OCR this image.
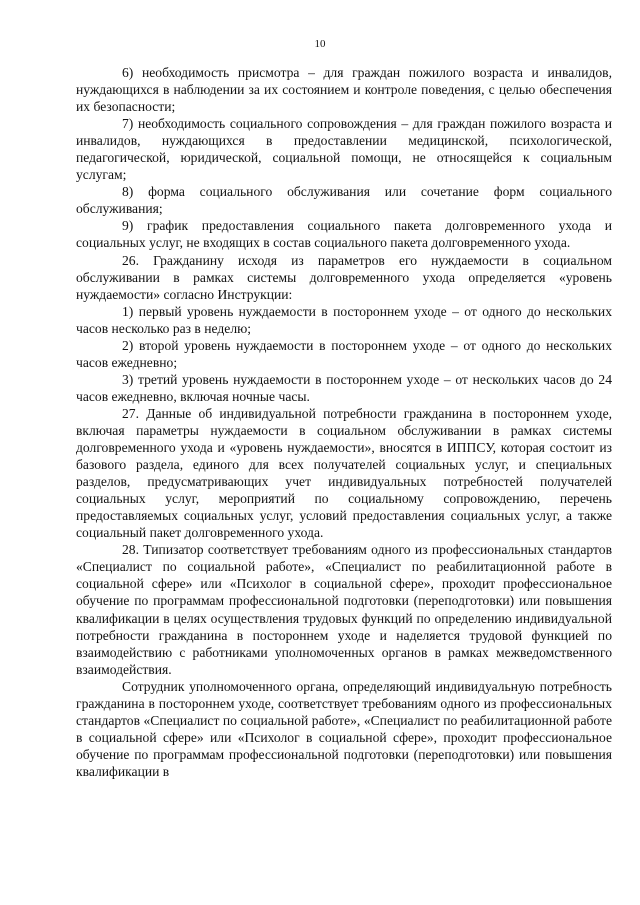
10

6) необходимость присмотра – для граждан пожилого возраста и инвалидов, нуждающихся в наблюдении за их состоянием и контроле поведения, с целью обеспечения их безопасности;

7) необходимость социального сопровождения – для граждан пожилого возраста и инвалидов, нуждающихся в предоставлении медицинской, психологической, педагогической, юридической, социальной помощи, не относящейся к социальным услугам;

8) форма социального обслуживания или сочетание форм социального обслуживания;

9) график предоставления социального пакета долговременного ухода и социальных услуг, не входящих в состав социального пакета долговременного ухода.

26. Гражданину исходя из параметров его нуждаемости в социальном обслуживании в рамках системы долговременного ухода определяется «уровень нуждаемости» согласно Инструкции:

1) первый уровень нуждаемости в постороннем уходе – от одного до нескольких часов несколько раз в неделю;

2) второй уровень нуждаемости в постороннем уходе – от одного до нескольких часов ежедневно;

3) третий уровень нуждаемости в постороннем уходе – от нескольких часов до 24 часов ежедневно, включая ночные часы.

27. Данные об индивидуальной потребности гражданина в постороннем уходе, включая параметры нуждаемости в социальном обслуживании в рамках системы долговременного ухода и «уровень нуждаемости», вносятся в ИППСУ, которая состоит из базового раздела, единого для всех получателей социальных услуг, и специальных разделов, предусматривающих учет индивидуальных потребностей получателей социальных услуг, мероприятий по социальному сопровождению, перечень предоставляемых социальных услуг, условий предоставления социальных услуг, а также социальный пакет долговременного ухода.

28. Типизатор соответствует требованиям одного из профессиональных стандартов «Специалист по социальной работе», «Специалист по реабилитационной работе в социальной сфере» или «Психолог в социальной сфере», проходит профессиональное обучение по программам профессиональной подготовки (переподготовки) или повышения квалификации в целях осуществления трудовых функций по определению индивидуальной потребности гражданина в постороннем уходе и наделяется трудовой функцией по взаимодействию с работниками уполномоченных органов в рамках межведомственного взаимодействия.

Сотрудник уполномоченного органа, определяющий индивидуальную потребность гражданина в постороннем уходе, соответствует требованиям одного из профессиональных стандартов «Специалист по социальной работе», «Специалист по реабилитационной работе в социальной сфере» или «Психолог в социальной сфере», проходит профессиональное обучение по программам профессиональной подготовки (переподготовки) или повышения квалификации в
